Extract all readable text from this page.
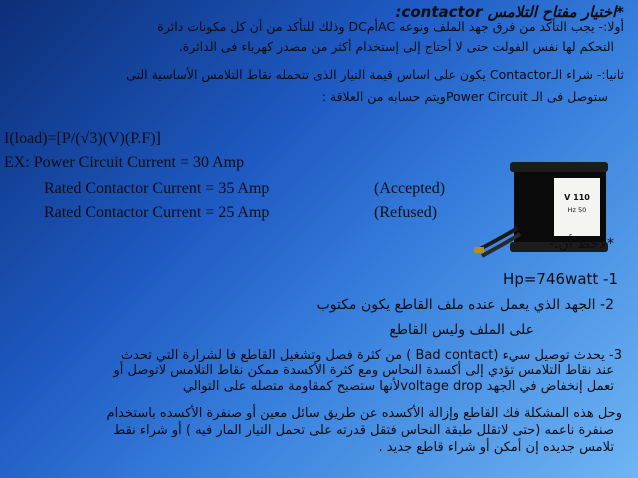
*اختيار مفتاح التلامس contactor:
أولا:- يجب التأكد من فرق جهد الملف ونوعه ACأمDC وذلك للتأكد من أن كل مكونات دائرة
التحكم لها نفس الفولت حتى لا أحتاج إلى إستخدام أكثر من مصدر كهرباء فى الدائرة.
ثانيا:- شراء الـContactor يكون على اساس قيمة التيار الذى تتحمله نقاط التلامس الأساسية التى
ستوصل فى الـ Power Circuitويتم حسابه من العلاقة :
I(load)=[P/(√3)(V)(P.F)]
EX: Power Circuit Current = 30 Amp
Rated Contactor Current = 35 Amp	(Accepted)
Rated Contactor Current = 25 Amp	(Refused)
V 110
Hz 50
*لاحظ أن:-
Hp=746watt -1
2- الجهد الذي يعمل عنده ملف القاطع يكون مكتوب
على الملف وليس القاطع
3- يحدث توصيل سيء (Bad contact ) من كثرة فصل وتشغيل القاطع فا لشرارة التي تحدث
عند نقاط التلامس تؤدي إلى أكسدة النحاس ومع كثرة الأكسدة ممكن نقاط التلامس لاتوصل أو
تعمل إنخفاض في الجهد voltage dropلأنها ستصبح كمقاومة متصله على التوالي
وحل هذه المشكلة فك القاطع وإزالة الأكسده عن طريق سائل معين أو صنفرة الأكسده باستخدام
صنفرة ناعمه (حتى لاتقلل طبقة النحاس فتقل قدرته على تحمل التيار المار فيه ) أو شراء نقط
تلامس جديده إن أمكن أو شراء قاطع جديد .
